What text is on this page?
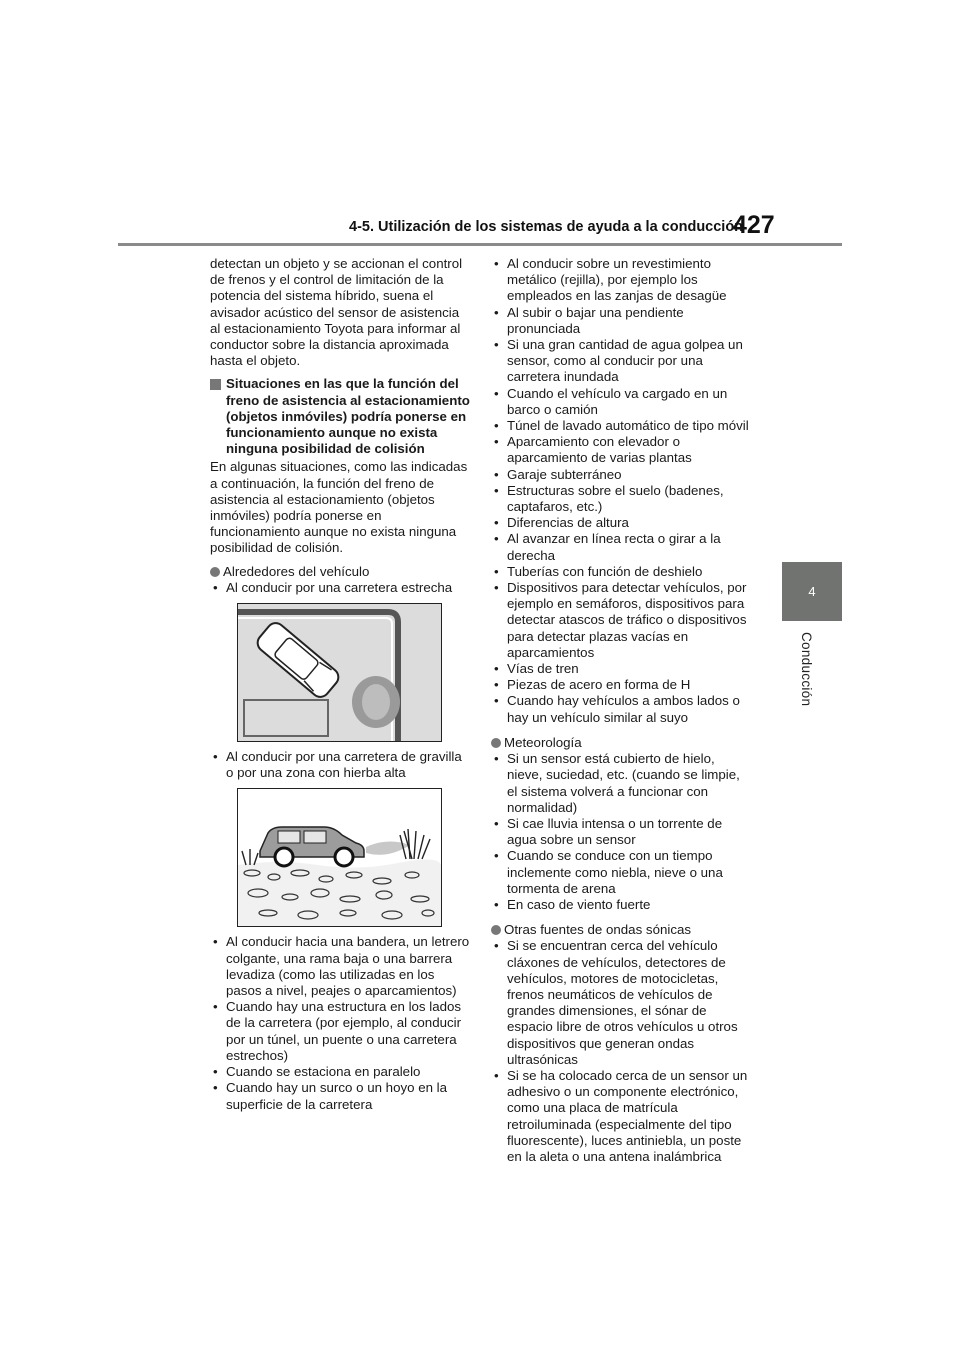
4-5. Utilización de los sistemas de ayuda a la conducción
427
4
Conducción

detectan un objeto y se accionan el control de frenos y el control de limitación de la potencia del sistema híbrido, suena el avisador acústico del sensor de asistencia al estacionamiento Toyota para informar al conductor sobre la distancia aproximada hasta el objeto.

Situaciones en las que la función del freno de asistencia al estacionamiento (objetos inmóviles) podría ponerse en funcionamiento aunque no exista ninguna posibilidad de colisión

En algunas situaciones, como las indicadas a continuación, la función del freno de asistencia al estacionamiento (objetos inmóviles) podría ponerse en funcionamiento aunque no exista ninguna posibilidad de colisión.

Alrededores del vehículo
• Al conducir por una carretera estrecha
• Al conducir por una carretera de gravilla o por una zona con hierba alta
• Al conducir hacia una bandera, un letrero colgante, una rama baja o una barrera levadiza (como las utilizadas en los pasos a nivel, peajes o aparcamientos)
• Cuando hay una estructura en los lados de la carretera (por ejemplo, al conducir por un túnel, un puente o una carretera estrechos)
• Cuando se estaciona en paralelo
• Cuando hay un surco o un hoyo en la superficie de la carretera
• Al conducir sobre un revestimiento metálico (rejilla), por ejemplo los empleados en las zanjas de desagüe
• Al subir o bajar una pendiente pronunciada
• Si una gran cantidad de agua golpea un sensor, como al conducir por una carretera inundada
• Cuando el vehículo va cargado en un barco o camión
• Túnel de lavado automático de tipo móvil
• Aparcamiento con elevador o aparcamiento de varias plantas
• Garaje subterráneo
• Estructuras sobre el suelo (badenes, captafaros, etc.)
• Diferencias de altura
• Al avanzar en línea recta o girar a la derecha
• Tuberías con función de deshielo
• Dispositivos para detectar vehículos, por ejemplo en semáforos, dispositivos para detectar atascos de tráfico o dispositivos para detectar plazas vacías en aparcamientos
• Vías de tren
• Piezas de acero en forma de H
• Cuando hay vehículos a ambos lados o hay un vehículo similar al suyo
Meteorología
• Si un sensor está cubierto de hielo, nieve, suciedad, etc. (cuando se limpie, el sistema volverá a funcionar con normalidad)
• Si cae lluvia intensa o un torrente de agua sobre un sensor
• Cuando se conduce con un tiempo inclemente como niebla, nieve o una tormenta de arena
• En caso de viento fuerte
Otras fuentes de ondas sónicas
• Si se encuentran cerca del vehículo cláxones de vehículos, detectores de vehículos, motores de motocicletas, frenos neumáticos de vehículos de grandes dimensiones, el sónar de espacio libre de otros vehículos u otros dispositivos que generan ondas ultrasónicas
• Si se ha colocado cerca de un sensor un adhesivo o un componente electrónico, como una placa de matrícula retroiluminada (especialmente del tipo fluorescente), luces antiniebla, un poste en la aleta o una antena inalámbrica
